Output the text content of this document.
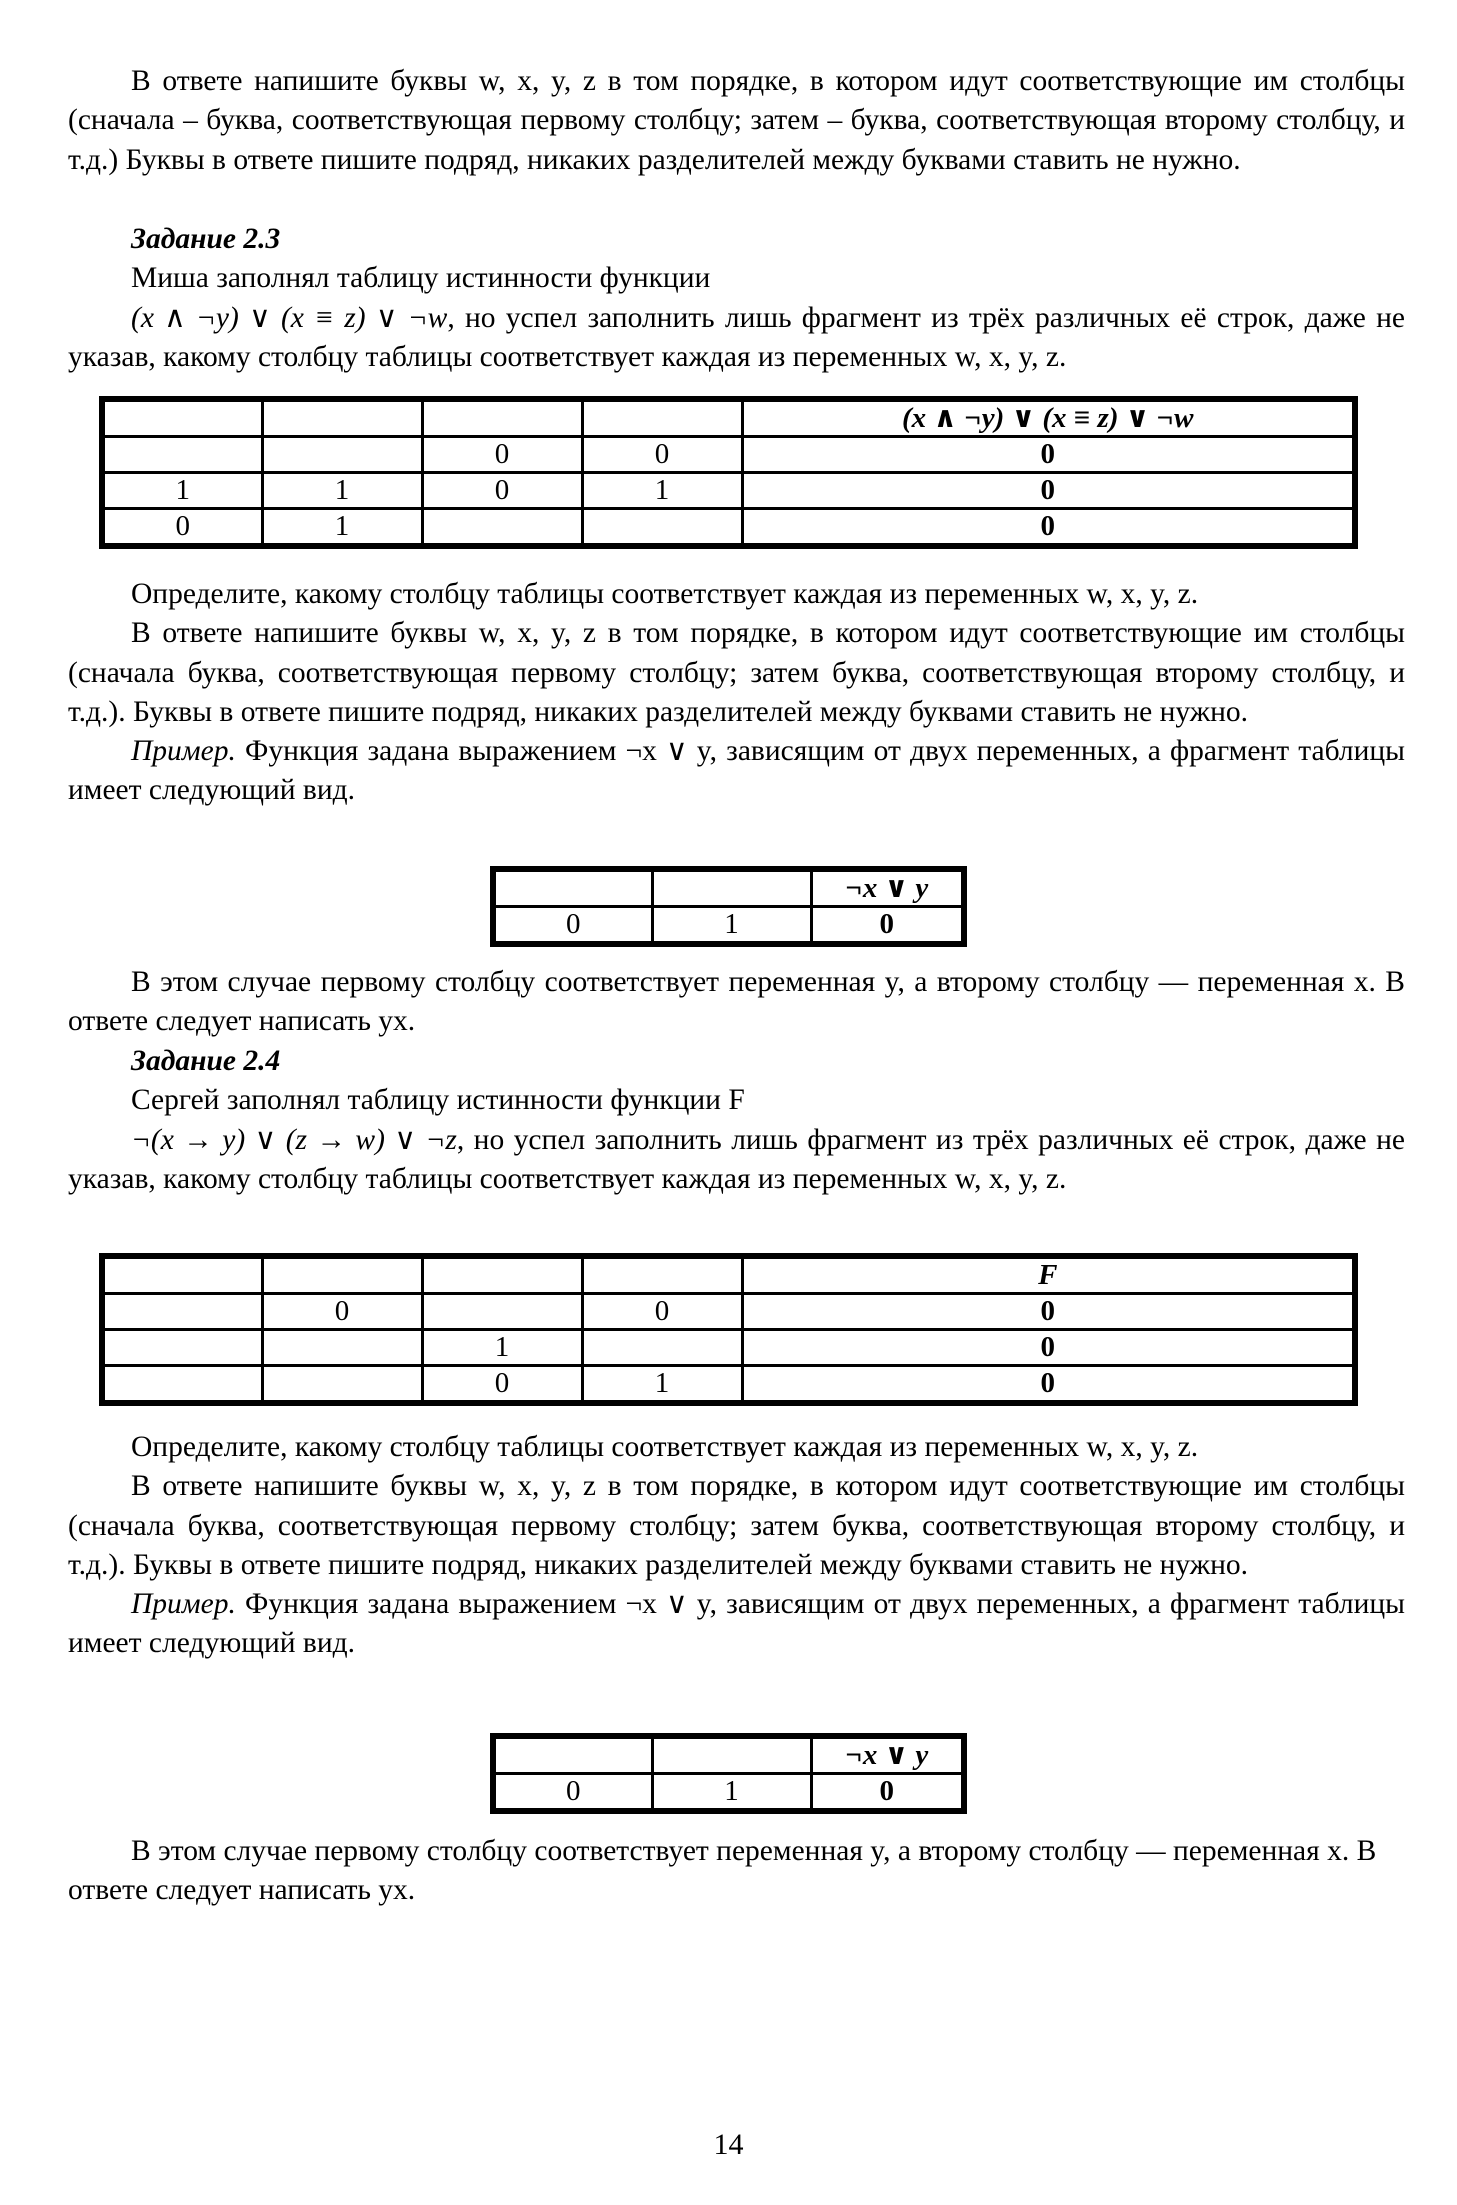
В ответе напишите буквы w, x, y, z в том порядке, в котором идут соответствующие им столбцы (сначала – буква, соответствующая первому столбцу; затем – буква, соответствующая второму столбцу, и т.д.) Буквы в ответе пишите подряд, никаких разделителей между буквами ставить не нужно.

Задание 2.3

Миша заполнял таблицу истинности функции

(x ∧ ¬y) ∨ (x ≡ z) ∨ ¬w, но успел заполнить лишь фрагмент из трёх различных её строк, даже не указав, какому столбцу таблицы соответствует каждая из переменных w, x, y, z.

				(x ∧ ¬y) ∨ (x ≡ z) ∨ ¬w
		0	0	0
1	1	0	1	0
0	1			0

Определите, какому столбцу таблицы соответствует каждая из переменных w, x, y, z.

В ответе напишите буквы w, x, y, z в том порядке, в котором идут соответствующие им столбцы (сначала буква, соответствующая первому столбцу; затем буква, соответствующая второму столбцу, и т.д.). Буквы в ответе пишите подряд, никаких разделителей между буквами ставить не нужно.

Пример. Функция задана выражением ¬x ∨ y, зависящим от двух переменных, а фрагмент таблицы имеет следующий вид.

		¬x ∨ y
0	1	0

В этом случае первому столбцу соответствует переменная y, а второму столбцу — переменная x. В ответе следует написать yx.

Задание 2.4

Сергей заполнял таблицу истинности функции F

¬(x → y) ∨ (z → w) ∨ ¬z, но успел заполнить лишь фрагмент из трёх различных её строк, даже не указав, какому столбцу таблицы соответствует каждая из переменных w, x, y, z.

				F
	0		0	0
		1		0
		0	1	0

Определите, какому столбцу таблицы соответствует каждая из переменных w, x, y, z.

В ответе напишите буквы w, x, y, z в том порядке, в котором идут соответствующие им столбцы (сначала буква, соответствующая первому столбцу; затем буква, соответствующая второму столбцу, и т.д.). Буквы в ответе пишите подряд, никаких разделителей между буквами ставить не нужно.

Пример. Функция задана выражением ¬x ∨ y, зависящим от двух переменных, а фрагмент таблицы имеет следующий вид.

		¬x ∨ y
0	1	0

В этом случае первому столбцу соответствует переменная y, а второму столбцу — переменная x. В ответе следует написать yx.

14
